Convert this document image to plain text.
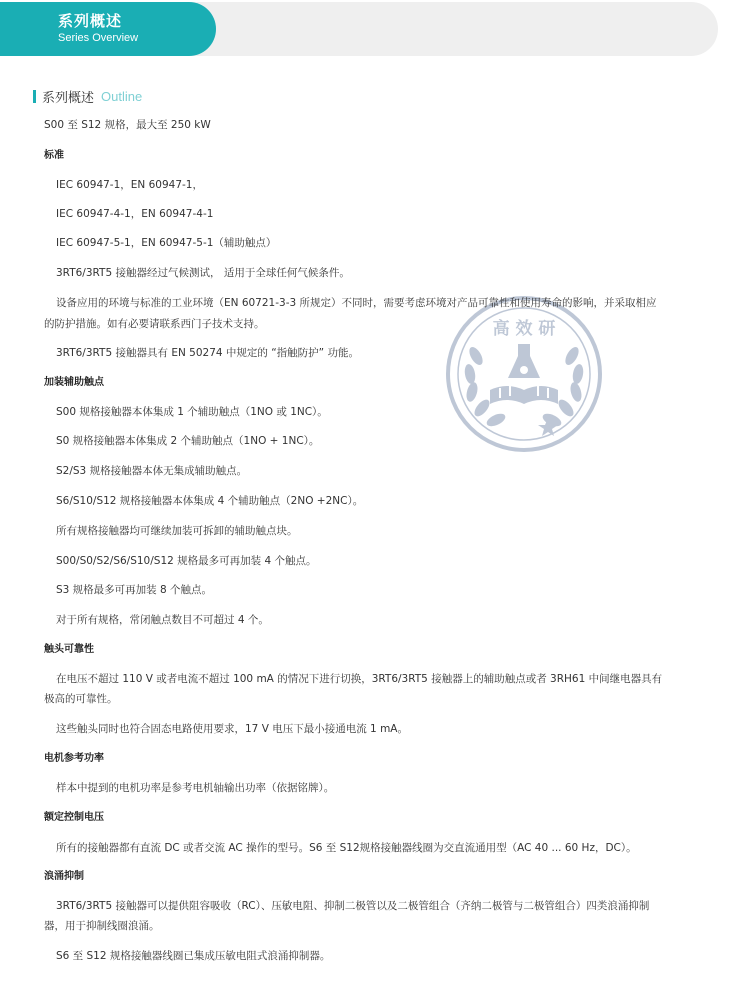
系列概述
Series Overview
系列概述 Outline
高 效 研
S00 至 S12 规格，最大至 250 kW
标准
IEC 60947-1，EN 60947-1，
IEC 60947-4-1，EN 60947-4-1
IEC 60947-5-1，EN 60947-5-1（辅助触点）
3RT6/3RT5 接触器经过气候测试， 适用于全球任何气候条件。
设备应用的环境与标准的工业环境（EN 60721-3-3 所规定）不同时，需要考虑环境对产品可靠性和使用寿命的影响，并采取相应
的防护措施。如有必要请联系西门子技术支持。
3RT6/3RT5 接触器具有 EN 50274 中规定的 “指触防护” 功能。
加装辅助触点
S00 规格接触器本体集成 1 个辅助触点（1NO 或 1NC）。
S0 规格接触器本体集成 2 个辅助触点（1NO + 1NC）。
S2/S3 规格接触器本体无集成辅助触点。
S6/S10/S12 规格接触器本体集成 4 个辅助触点（2NO +2NC）。
所有规格接触器均可继续加装可拆卸的辅助触点块。
S00/S0/S2/S6/S10/S12 规格最多可再加装 4 个触点。
S3 规格最多可再加装 8 个触点。
对于所有规格，常闭触点数目不可超过 4 个。
触头可靠性
在电压不超过 110 V 或者电流不超过 100 mA 的情况下进行切换，3RT6/3RT5 接触器上的辅助触点或者 3RH61 中间继电器具有
极高的可靠性。
这些触头同时也符合固态电路使用要求，17 V 电压下最小接通电流 1 mA。
电机参考功率
样本中提到的电机功率是参考电机轴输出功率（依据铭牌）。
额定控制电压
所有的接触器都有直流 DC 或者交流 AC 操作的型号。S6 至 S12规格接触器线圈为交直流通用型（AC 40 ... 60 Hz，DC）。
浪涌抑制
3RT6/3RT5 接触器可以提供阻容吸收（RC）、压敏电阻、抑制二极管以及二极管组合（齐纳二极管与二极管组合）四类浪涌抑制
器，用于抑制线圈浪涌。
S6 至 S12 规格接触器线圈已集成压敏电阻式浪涌抑制器。
